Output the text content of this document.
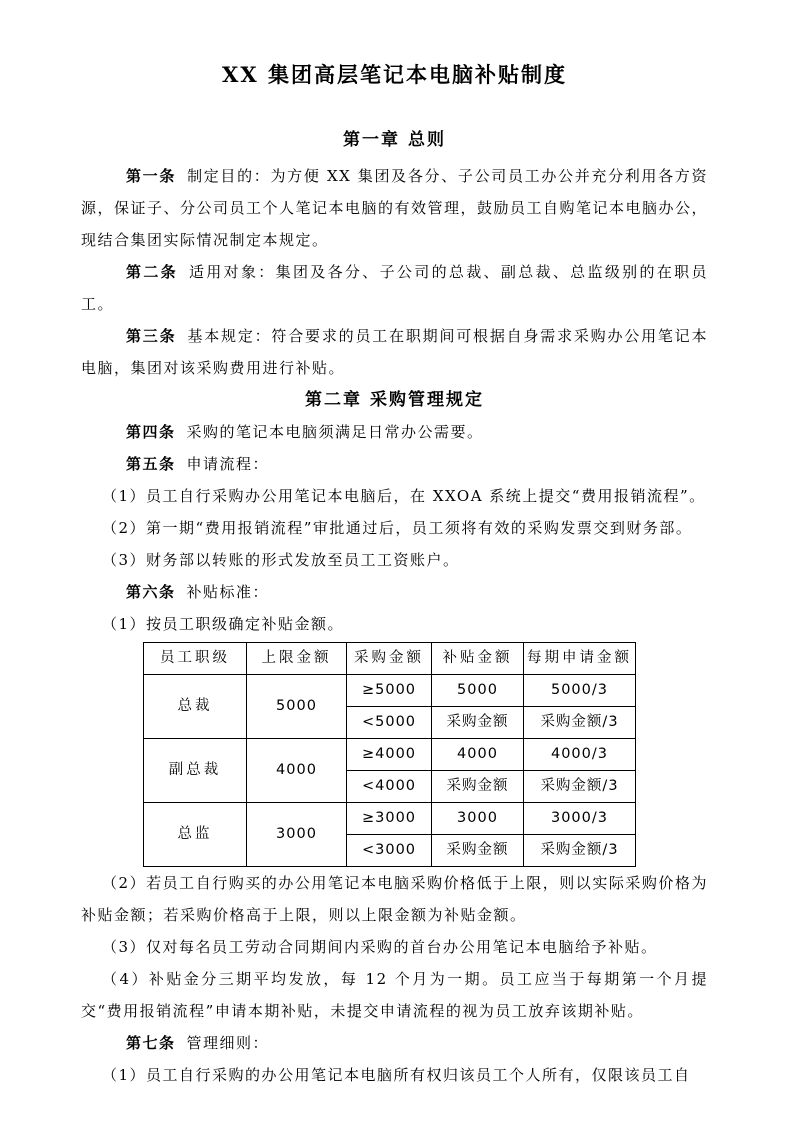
XX 集团高层笔记本电脑补贴制度
第一章 总则

第一条 制定目的：为方便 XX 集团及各分、子公司员工办公并充分利用各方资源，保证子、分公司员工个人笔记本电脑的有效管理，鼓励员工自购笔记本电脑办公，现结合集团实际情况制定本规定。

第二条 适用对象：集团及各分、子公司的总裁、副总裁、总监级别的在职员工。

第三条 基本规定：符合要求的员工在职期间可根据自身需求采购办公用笔记本电脑，集团对该采购费用进行补贴。

第二章 采购管理规定

第四条 采购的笔记本电脑须满足日常办公需要。

第五条 申请流程：

（1）员工自行采购办公用笔记本电脑后，在 XXOA 系统上提交“费用报销流程”。

（2）第一期“费用报销流程”审批通过后，员工须将有效的采购发票交到财务部。

（3）财务部以转账的形式发放至员工工资账户。

第六条 补贴标准：

（1）按员工职级确定补贴金额。

员工职级	上限金额	采购金额	补贴金额	每期申请金额
总裁	5000	≥5000	5000	5000/3
		<5000	采购金额	采购金额/3
副总裁	4000	≥4000	4000	4000/3
		<4000	采购金额	采购金额/3
总监	3000	≥3000	3000	3000/3
		<3000	采购金额	采购金额/3

（2）若员工自行购买的办公用笔记本电脑采购价格低于上限，则以实际采购价格为补贴金额；若采购价格高于上限，则以上限金额为补贴金额。

（3）仅对每名员工劳动合同期间内采购的首台办公用笔记本电脑给予补贴。

（4）补贴金分三期平均发放，每 12 个月为一期。员工应当于每期第一个月提交“费用报销流程”申请本期补贴，未提交申请流程的视为员工放弃该期补贴。

第七条 管理细则：

（1）员工自行采购的办公用笔记本电脑所有权归该员工个人所有，仅限该员工自
